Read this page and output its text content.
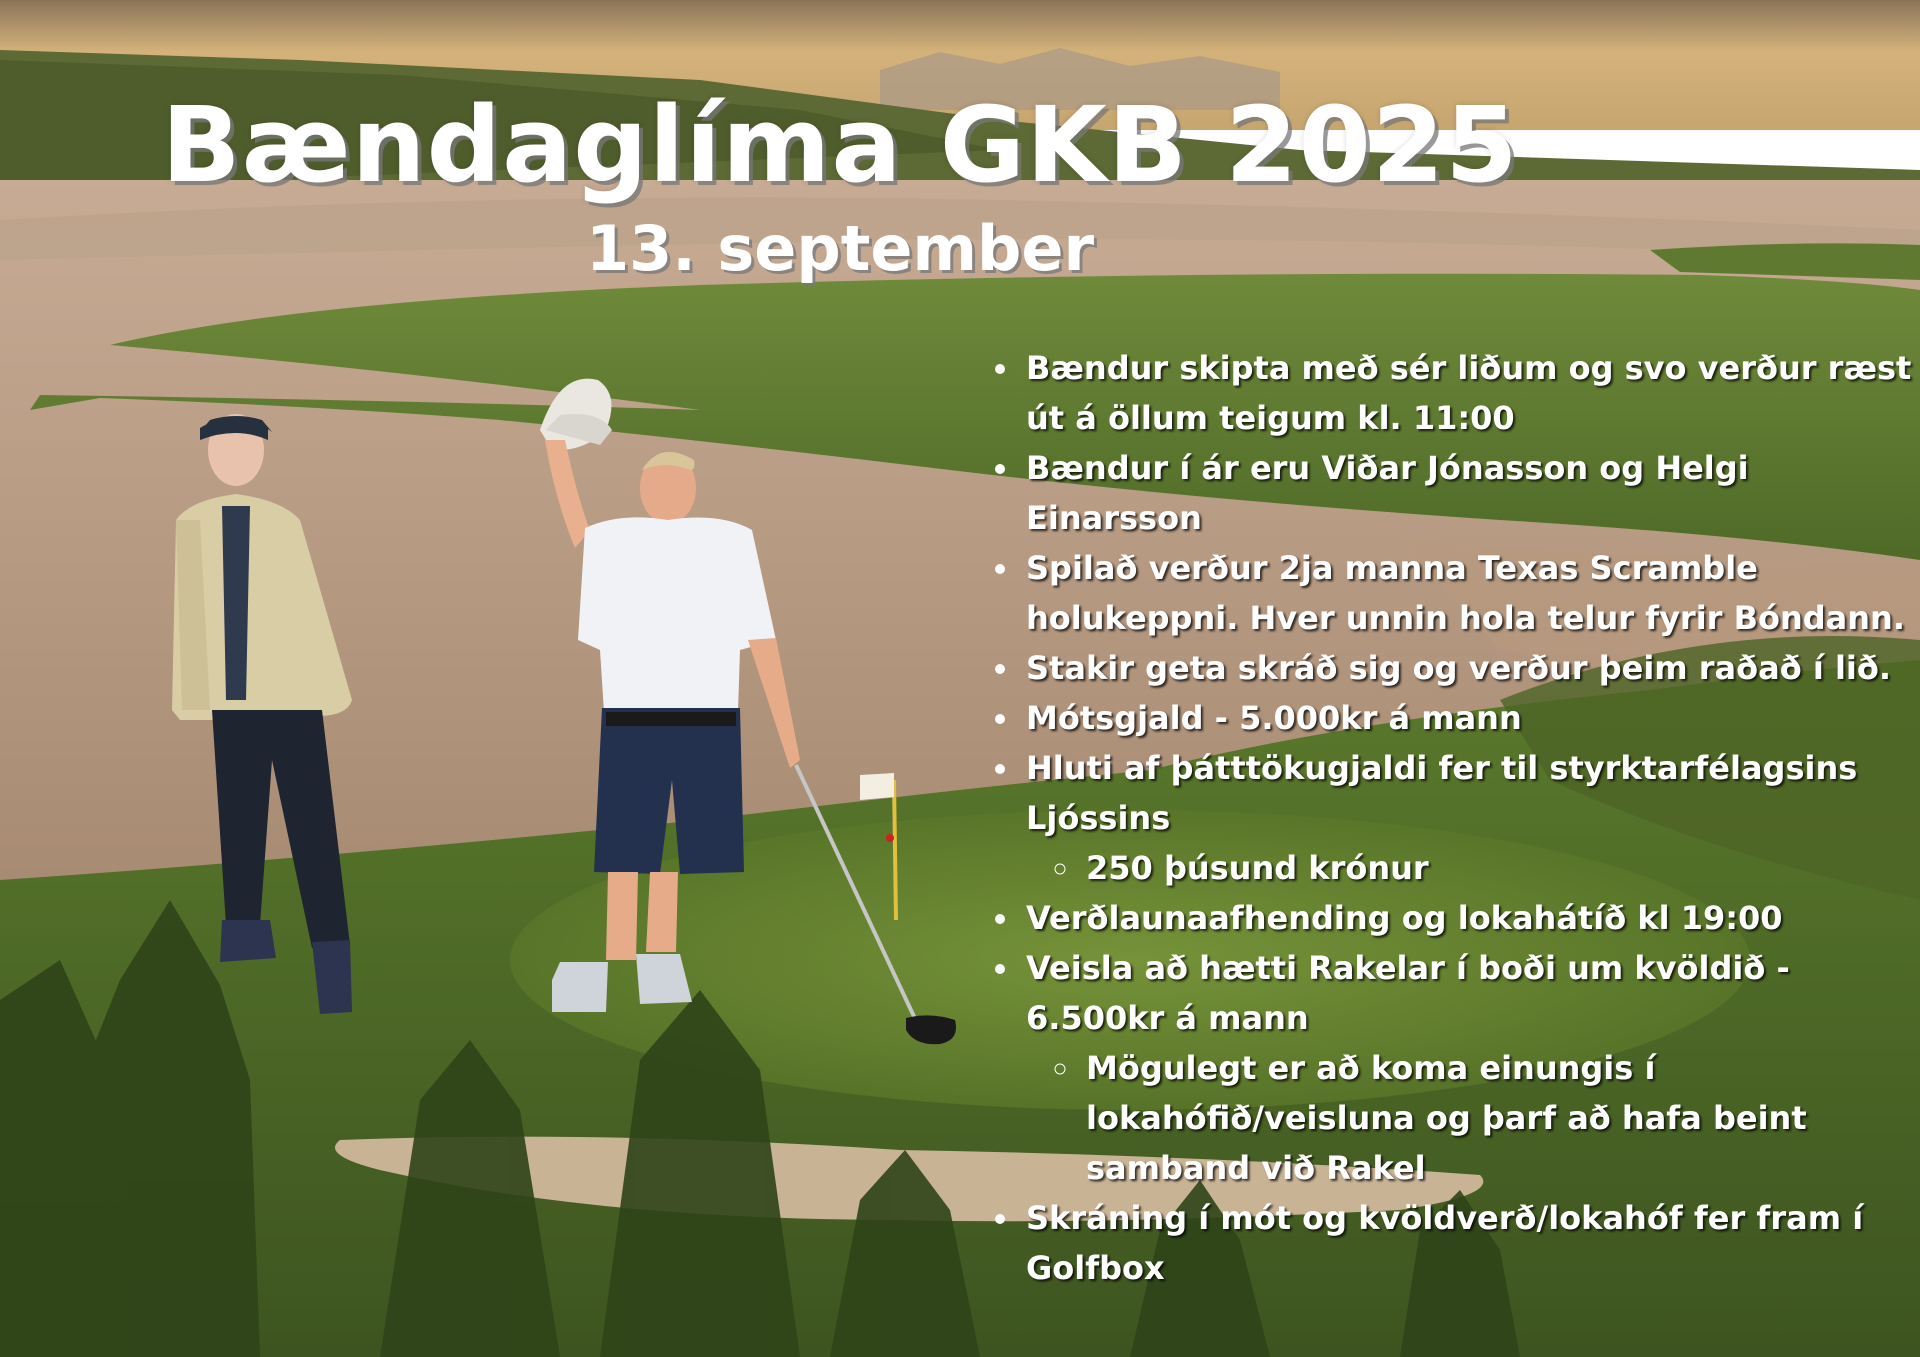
Bændaglíma GKB 2025
13. september
• Bændur skipta með sér liðum og svo verður ræst út á öllum teigum kl. 11:00
• Bændur í ár eru Viðar Jónasson og Helgi Einarsson
• Spilað verður 2ja manna Texas Scramble holukeppni. Hver unnin hola telur fyrir Bóndann.
• Stakir geta skráð sig og verður þeim raðað í lið.
• Mótsgjald - 5.000kr á mann
• Hluti af þátttökugjaldi fer til styrktarfélagsins Ljóssins
◦ 250 þúsund krónur
• Verðlaunaafhending og lokahátíð kl 19:00
• Veisla að hætti Rakelar í boði um kvöldið - 6.500kr á mann
◦ Mögulegt er að koma einungis í lokahófið/veisluna og þarf að hafa beint samband við Rakel
• Skráning í mót og kvöldverð/lokahóf fer fram í Golfbox
